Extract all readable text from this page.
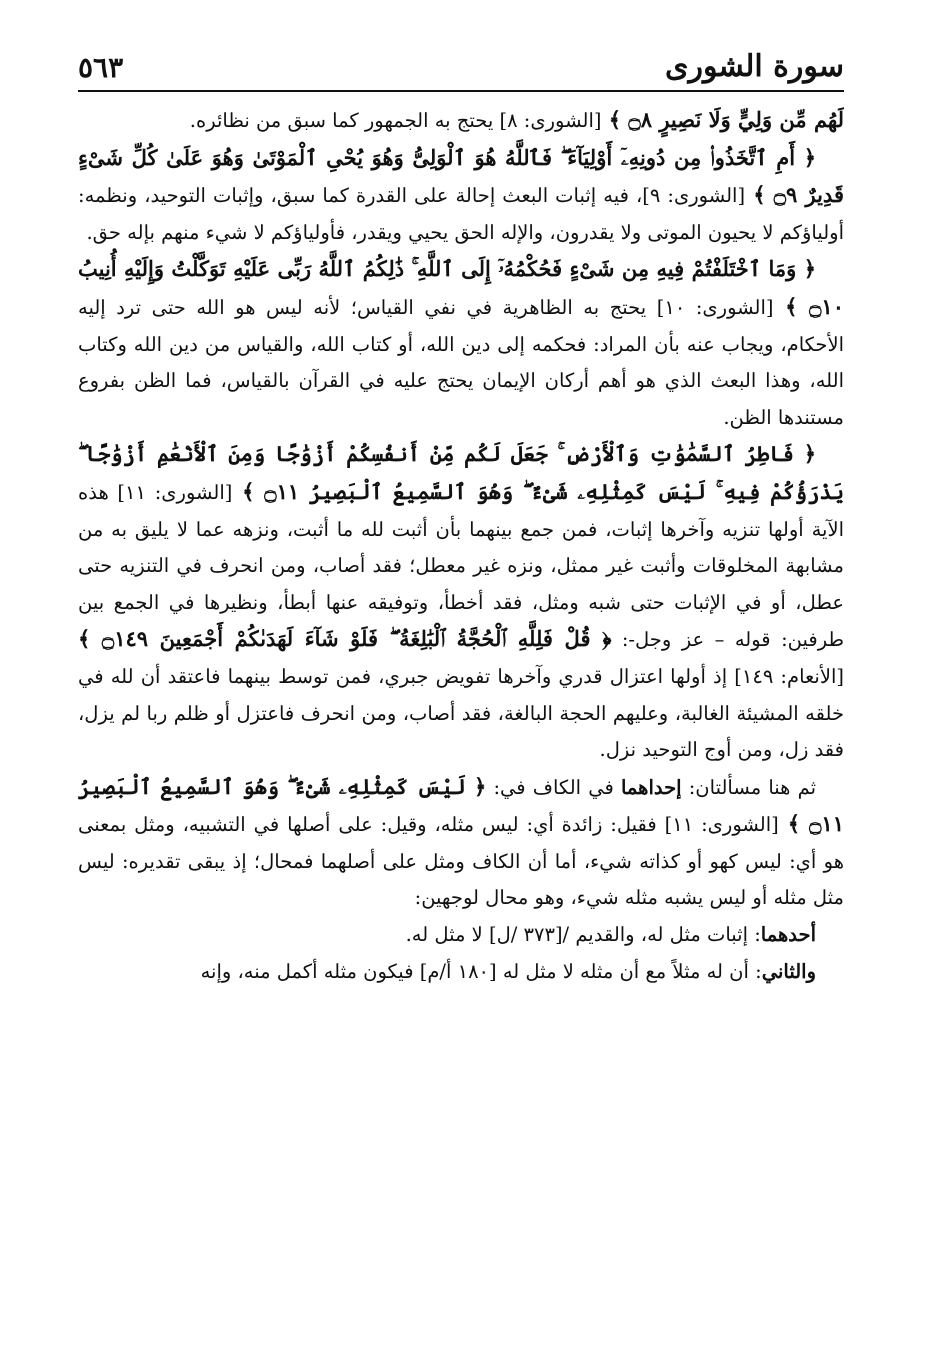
٥٦٣	سورة الشورى

لَهُم مِّن وَلِيٍّ وَلَا نَصِيرٍ ۝٨ ﴾ [الشورى: ٨] يحتج به الجمهور كما سبق من نظائره.

﴿ أَمِ ٱتَّخَذُوا۟ مِن دُونِهِۦٓ أَوْلِيَآءَ ۖ فَٱللَّهُ هُوَ ٱلْوَلِىُّ وَهُوَ يُحْىِ ٱلْمَوْتَىٰ وَهُوَ عَلَىٰ كُلِّ شَىْءٍ قَدِيرٌ ۝٩ ﴾ [الشورى: ٩]، فيه إثبات البعث إحالة على القدرة كما سبق، وإثبات التوحيد، ونظمه: أولياؤكم لا يحيون الموتى ولا يقدرون، والإله الحق يحيي ويقدر، فأولياؤكم لا شيء منهم بإله حق.

﴿ وَمَا ٱخْتَلَفْتُمْ فِيهِ مِن شَىْءٍ فَحُكْمُهُۥٓ إِلَى ٱللَّهِ ۚ ذَٰلِكُمُ ٱللَّهُ رَبِّى عَلَيْهِ تَوَكَّلْتُ وَإِلَيْهِ أُنِيبُ ۝١٠ ﴾ [الشورى: ١٠] يحتج به الظاهرية في نفي القياس؛ لأنه ليس هو الله حتى ترد إليه الأحكام، ويجاب عنه بأن المراد: فحكمه إلى دين الله، أو كتاب الله، والقياس من دين الله وكتاب الله، وهذا البعث الذي هو أهم أركان الإيمان يحتج عليه في القرآن بالقياس، فما الظن بفروع مستندها الظن.

﴿ فَاطِرُ ٱلسَّمَٰوَٰتِ وَٱلْأَرْضِ ۚ جَعَلَ لَكُم مِّنْ أَنفُسِكُمْ أَزْوَٰجًا وَمِنَ ٱلْأَنْعَٰمِ أَزْوَٰجًا ۖ يَذْرَؤُكُمْ فِيهِ ۚ لَيْسَ كَمِثْلِهِۦ شَىْءٌ ۖ وَهُوَ ٱلسَّمِيعُ ٱلْبَصِيرُ ۝١١ ﴾ [الشورى: ١١] هذه الآية أولها تنزيه وآخرها إثبات، فمن جمع بينهما بأن أثبت لله ما أثبت، ونزهه عما لا يليق به من مشابهة المخلوقات وأثبت غير ممثل، ونزه غير معطل؛ فقد أصاب، ومن انحرف في التنزيه حتى عطل، أو في الإثبات حتى شبه ومثل، فقد أخطأ، وتوفيقه عنها أبطأ، ونظيرها في الجمع بين طرفين: قوله – عز وجل-: ﴿ قُلْ فَلِلَّهِ ٱلْحُجَّةُ ٱلْبَٰلِغَةُ ۖ فَلَوْ شَآءَ لَهَدَىٰكُمْ أَجْمَعِينَ ۝١٤٩ ﴾ [الأنعام: ١٤٩] إذ أولها اعتزال قدري وآخرها تفويض جبري، فمن توسط بينهما فاعتقد أن لله في خلقه المشيئة الغالبة، وعليهم الحجة البالغة، فقد أصاب، ومن انحرف فاعتزل أو ظلم ربا لم يزل، فقد زل، ومن أوج التوحيد نزل.

ثم هنا مسألتان: إحداهما في الكاف في: ﴿ لَيْسَ كَمِثْلِهِۦ شَىْءٌ ۖ وَهُوَ ٱلسَّمِيعُ ٱلْبَصِيرُ ۝١١ ﴾ [الشورى: ١١] فقيل: زائدة أي: ليس مثله، وقيل: على أصلها في التشبيه، ومثل بمعنى هو أي: ليس كهو أو كذاته شيء، أما أن الكاف ومثل على أصلهما فمحال؛ إذ يبقى تقديره: ليس مثل مثله أو ليس يشبه مثله شيء، وهو محال لوجهين:

أحدهما: إثبات مثل له، والقديم /[٣٧٣ /ل] لا مثل له.

والثاني: أن له مثلاً مع أن مثله لا مثل له [١٨٠ أ/م] فيكون مثله أكمل منه، وإنه
